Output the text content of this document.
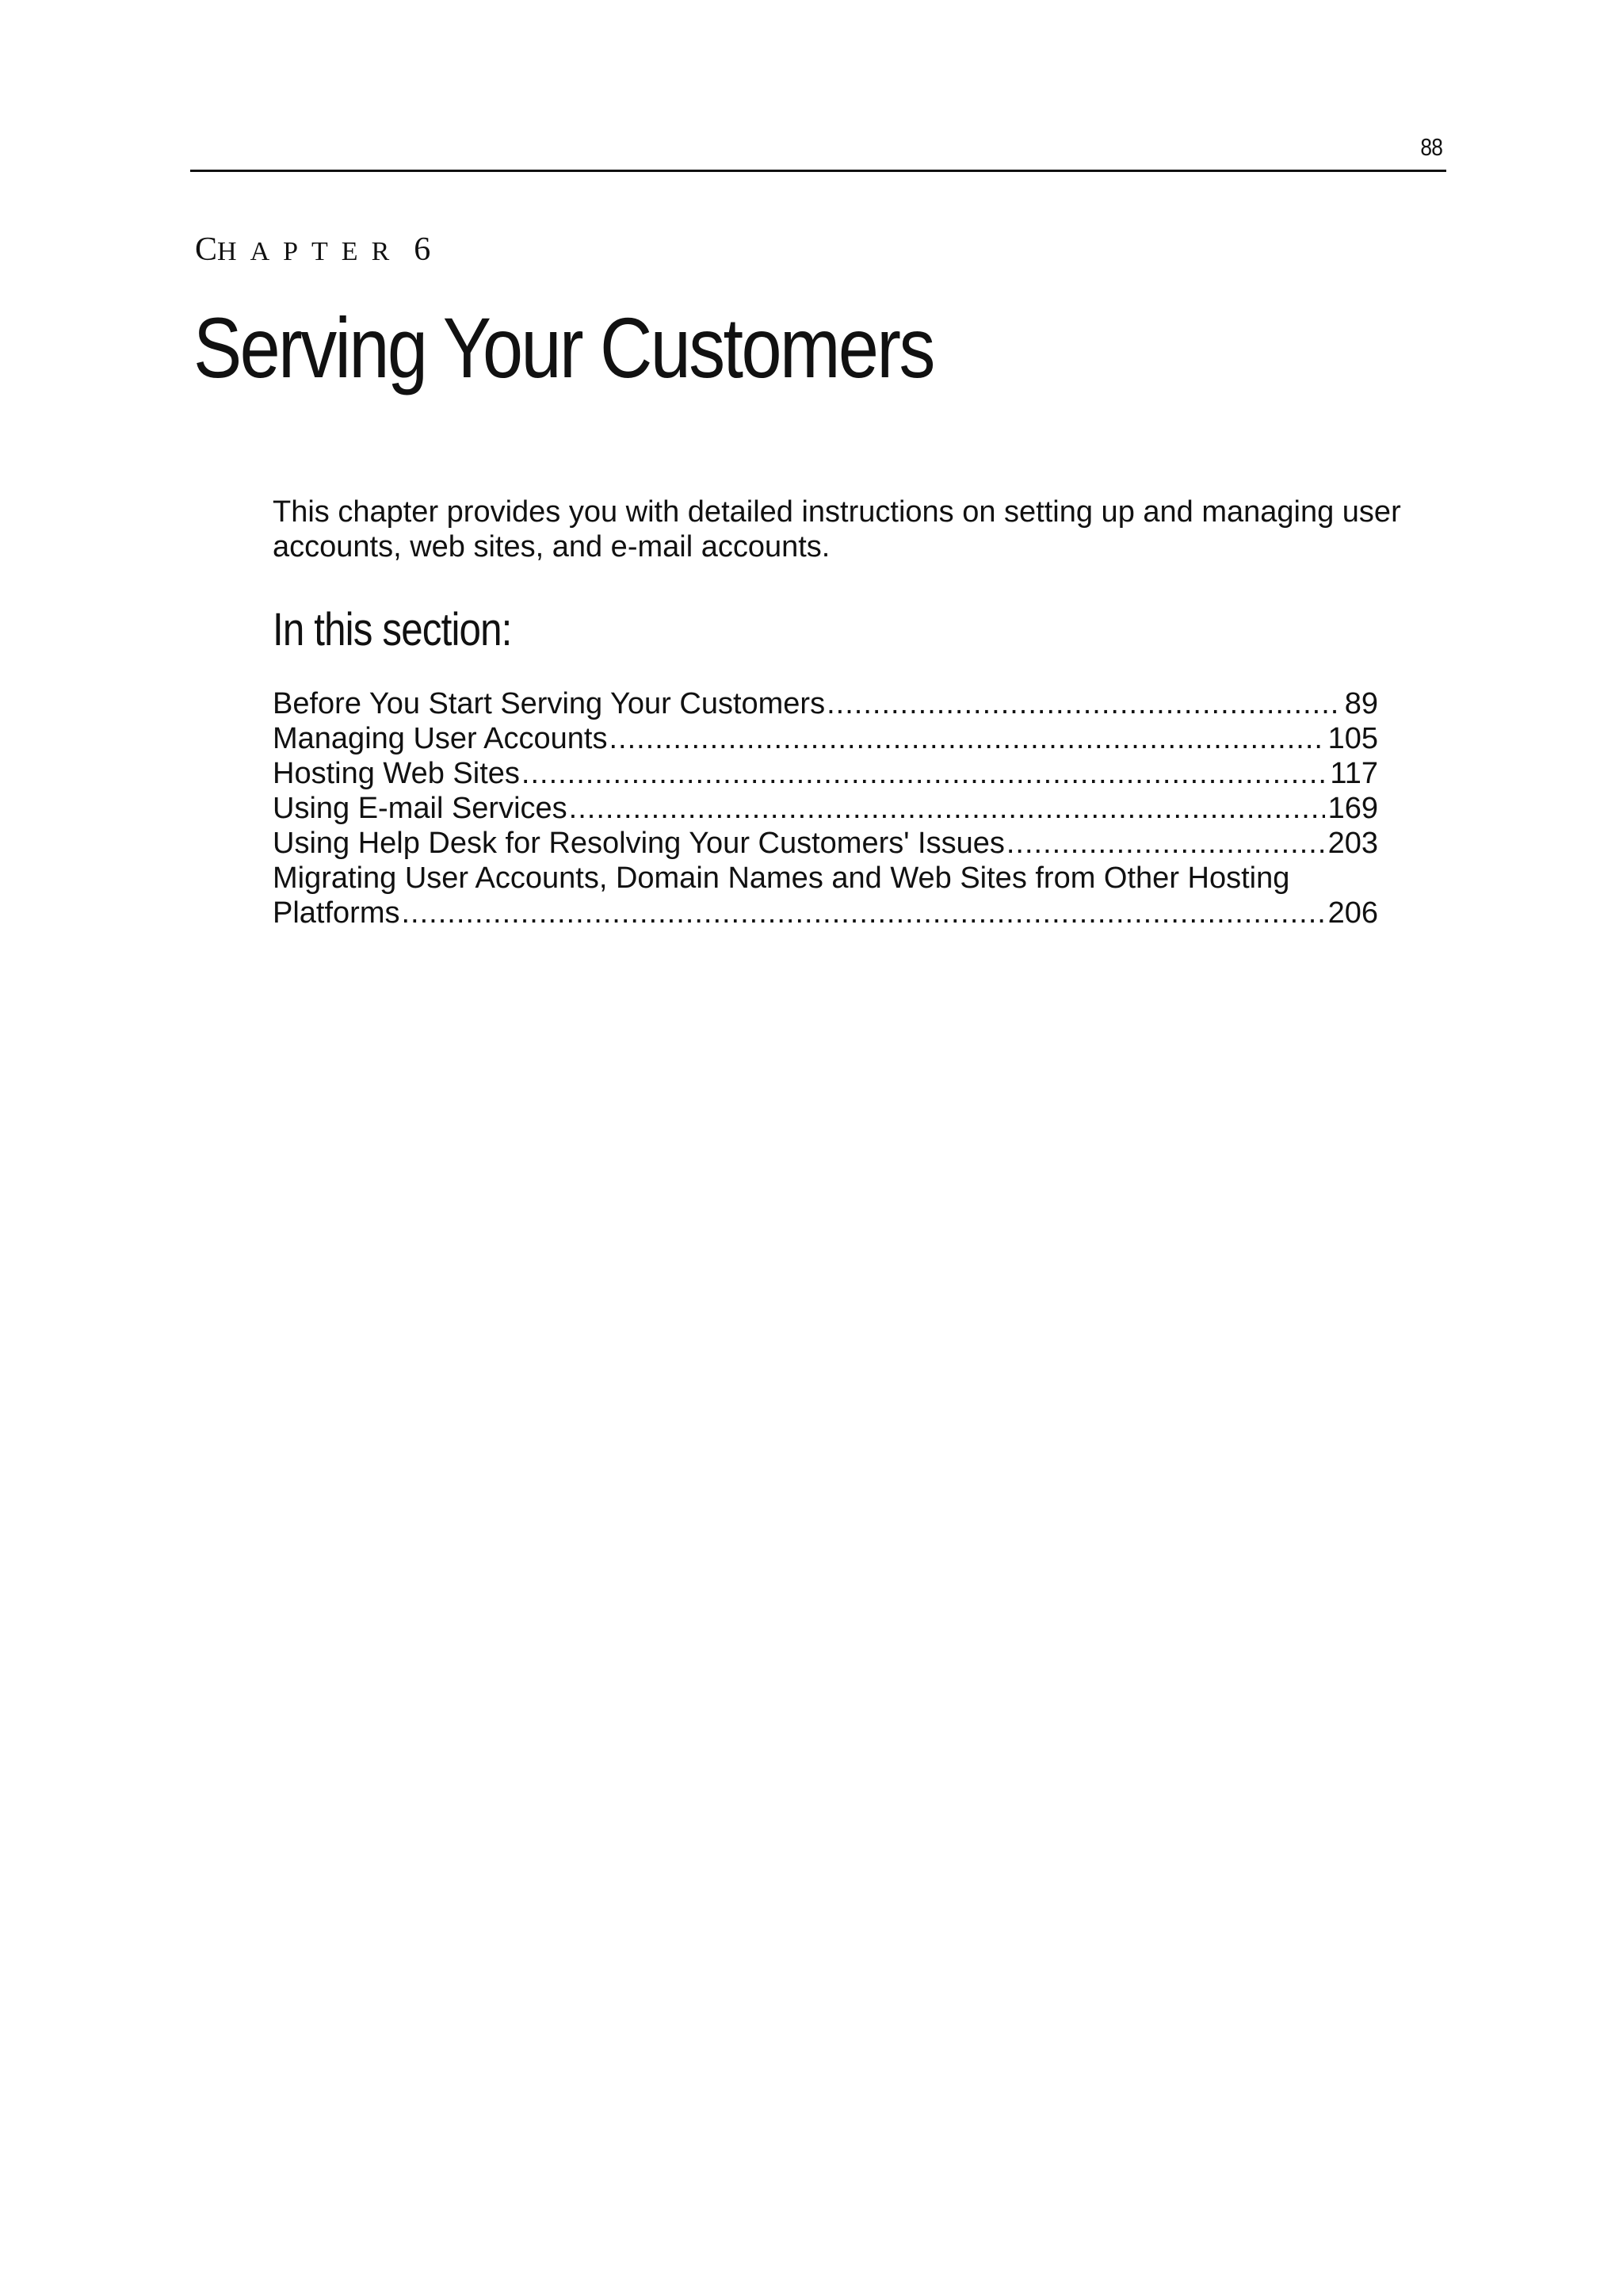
88
CHAPTER 6
Serving Your Customers

This chapter provides you with detailed instructions on setting up and managing user accounts, web sites, and e-mail accounts.

In this section:
Before You Start Serving Your Customers .....	89
Managing User Accounts .....	105
Hosting Web Sites .....	117
Using E-mail Services .....	169
Using Help Desk for Resolving Your Customers' Issues .....	203
Migrating User Accounts, Domain Names and Web Sites from Other Hosting
Platforms .....	206
